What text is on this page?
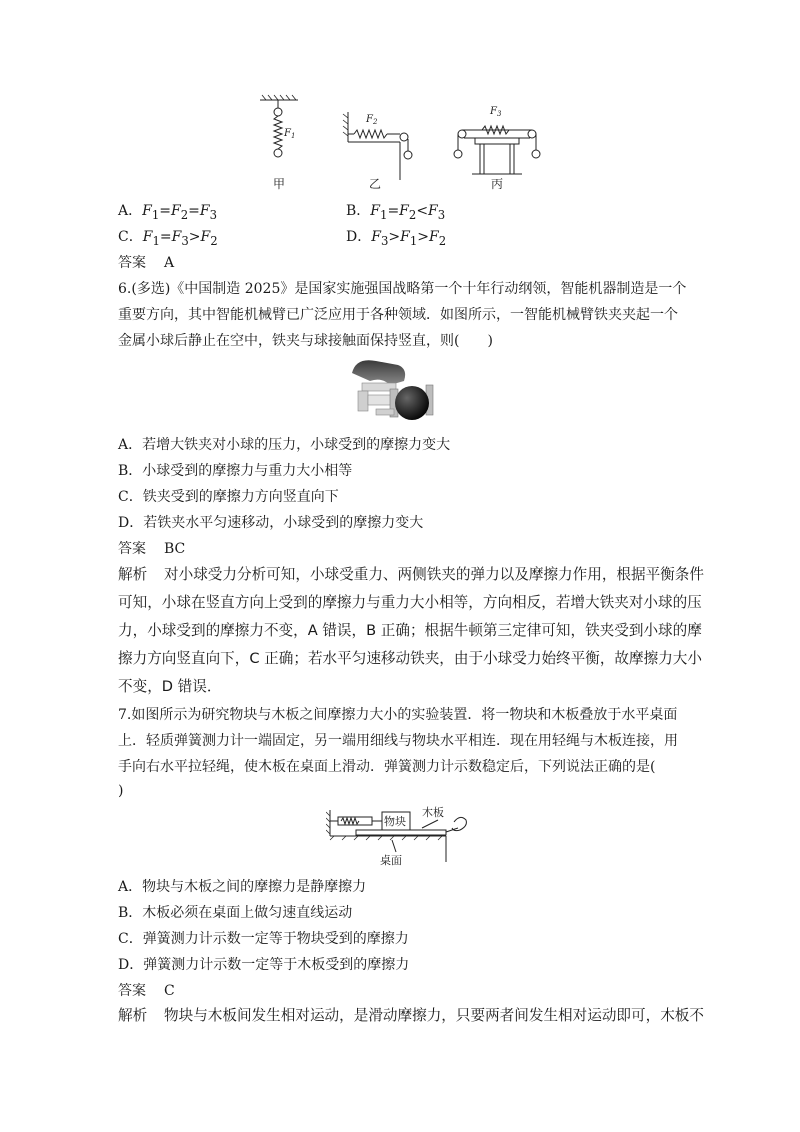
$F_1$
$F_2$
$F_3$
甲	乙	丙
A．$F_1=F_2=F_3$	B．$F_1=F_2<F_3$
C．$F_1=F_3>F_2$	D．$F_3>F_1>F_2$
答案 A
6.(多选)《中国制造 2025》是国家实施强国战略第一个十年行动纲领，智能机器制造是一个
重要方向，其中智能机械臂已广泛应用于各种领域．如图所示，一智能机械臂铁夹夹起一个
金属小球后静止在空中，铁夹与球接触面保持竖直，则(　　)
A．若增大铁夹对小球的压力，小球受到的摩擦力变大
B．小球受到的摩擦力与重力大小相等
C．铁夹受到的摩擦力方向竖直向下
D．若铁夹水平匀速移动，小球受到的摩擦力变大
答案 BC
解析 对小球受力分析可知，小球受重力、两侧铁夹的弹力以及摩擦力作用，根据平衡条件
可知，小球在竖直方向上受到的摩擦力与重力大小相等，方向相反，若增大铁夹对小球的压
力，小球受到的摩擦力不变，A 错误，B 正确；根据牛顿第三定律可知，铁夹受到小球的摩
擦力方向竖直向下，C 正确；若水平匀速移动铁夹，由于小球受力始终平衡，故摩擦力大小
不变，D 错误．
7.如图所示为研究物块与木板之间摩擦力大小的实验装置．将一物块和木板叠放于水平桌面
上．轻质弹簧测力计一端固定，另一端用细线与物块水平相连．现在用轻绳与木板连接，用
手向右水平拉轻绳，使木板在桌面上滑动．弹簧测力计示数稳定后，下列说法正确的是(
)
物块
木板
桌面
A．物块与木板之间的摩擦力是静摩擦力
B．木板必须在桌面上做匀速直线运动
C．弹簧测力计示数一定等于物块受到的摩擦力
D．弹簧测力计示数一定等于木板受到的摩擦力
答案 C
解析 物块与木板间发生相对运动，是滑动摩擦力，只要两者间发生相对运动即可，木板不
